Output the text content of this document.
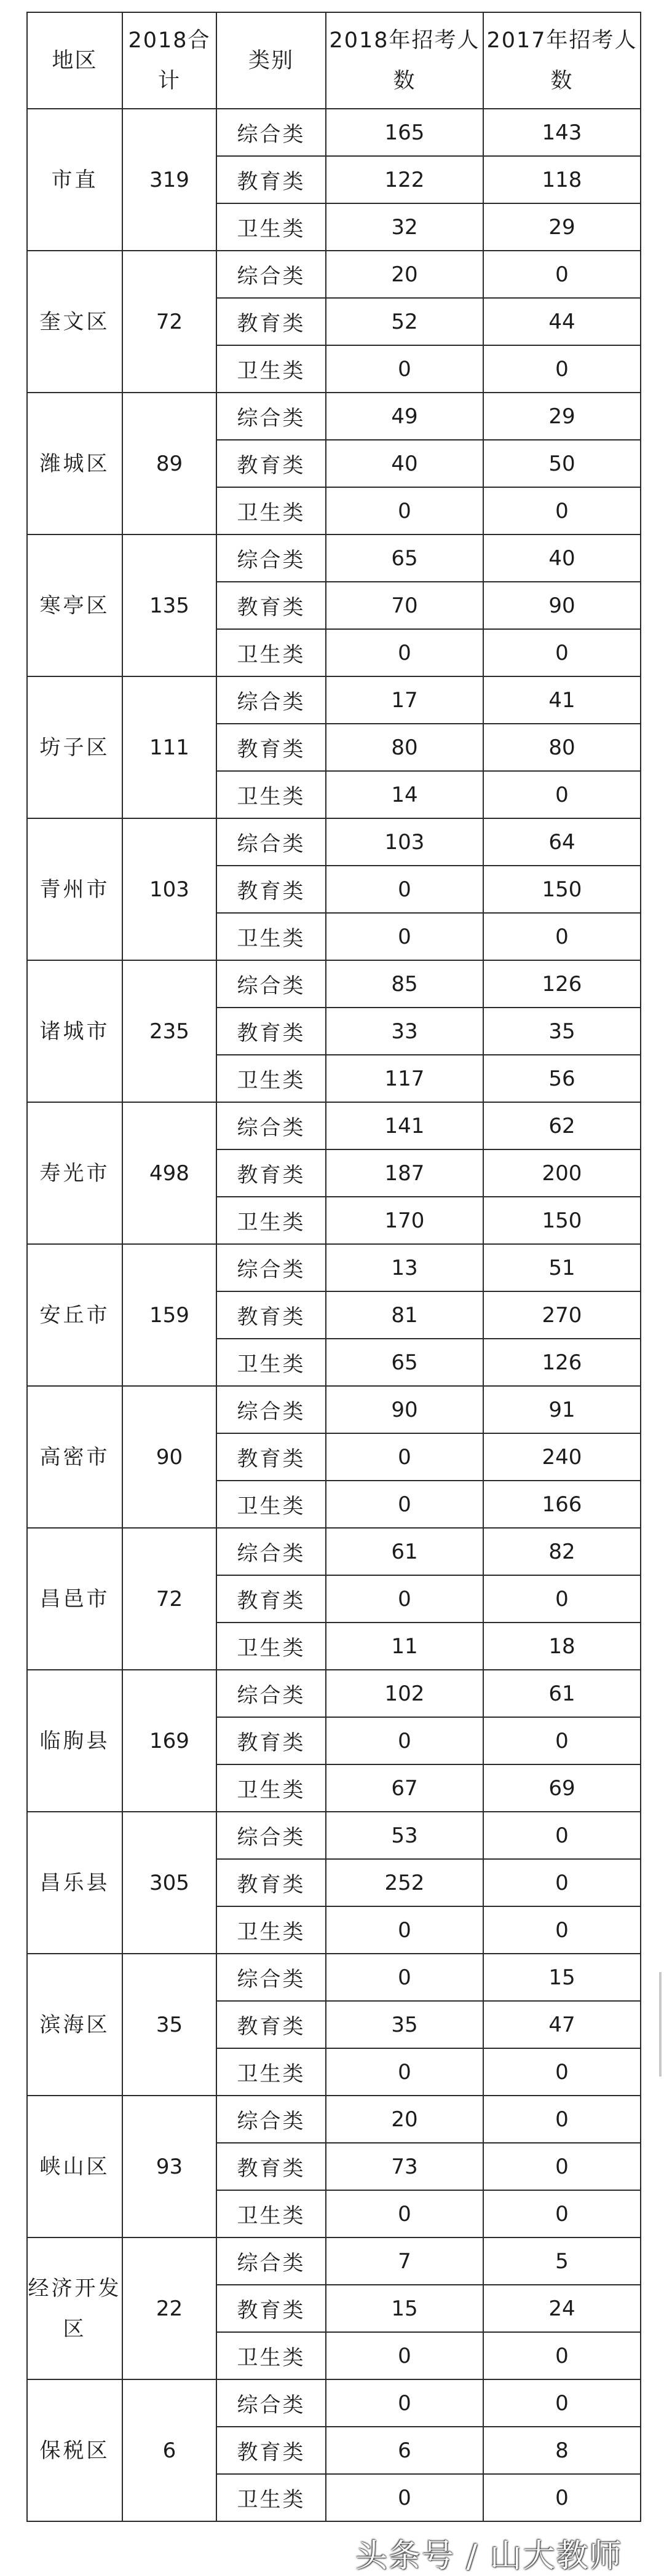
地区	2018合计	类别	2018年招考人数	2017年招考人数
市直	319	综合类	165	143
		教育类	122	118
		卫生类	32	29
奎文区	72	综合类	20	0
		教育类	52	44
		卫生类	0	0
潍城区	89	综合类	49	29
		教育类	40	50
		卫生类	0	0
寒亭区	135	综合类	65	40
		教育类	70	90
		卫生类	0	0
坊子区	111	综合类	17	41
		教育类	80	80
		卫生类	14	0
青州市	103	综合类	103	64
		教育类	0	150
		卫生类	0	0
诸城市	235	综合类	85	126
		教育类	33	35
		卫生类	117	56
寿光市	498	综合类	141	62
		教育类	187	200
		卫生类	170	150
安丘市	159	综合类	13	51
		教育类	81	270
		卫生类	65	126
高密市	90	综合类	90	91
		教育类	0	240
		卫生类	0	166
昌邑市	72	综合类	61	82
		教育类	0	0
		卫生类	11	18
临朐县	169	综合类	102	61
		教育类	0	0
		卫生类	67	69
昌乐县	305	综合类	53	0
		教育类	252	0
		卫生类	0	0
滨海区	35	综合类	0	15
		教育类	35	47
		卫生类	0	0
峡山区	93	综合类	20	0
		教育类	73	0
		卫生类	0	0
经济开发区	22	综合类	7	5
		教育类	15	24
		卫生类	0	0
保税区	6	综合类	0	0
		教育类	6	8
		卫生类	0	0
头条号 / 山大教师
